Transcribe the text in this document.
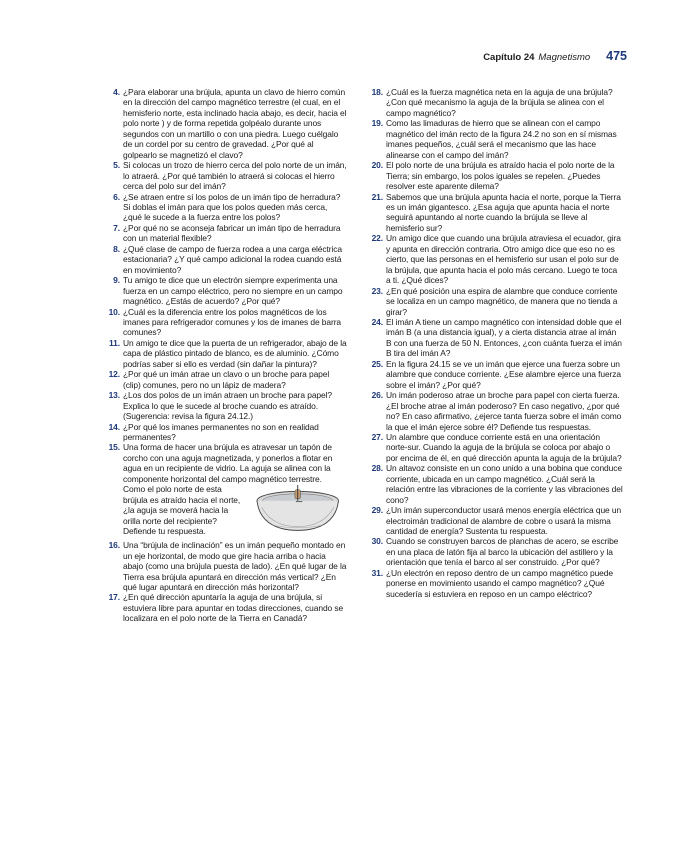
Capítulo 24 Magnetismo 475
4 . ¿Para elaborar una brújula, apunta un clavo de hierro común en la dirección del campo magnético terrestre (el cual, en el hemisferio norte, esta inclinado hacia abajo, es decir, hacia el polo norte ) y de forma repetida golpéalo durante unos segundos con un martillo o con una piedra. Luego cuélgalo de un cordel por su centro de gravedad. ¿Por qué al golpearlo se magnetizó el clavo?
5 . Si colocas un trozo de hierro cerca del polo norte de un imán, lo atraerá. ¿Por qué también lo atraerá si colocas el hierro cerca del polo sur del imán?
6 . ¿Se atraen entre sí los polos de un imán tipo de herradura? Si doblas el imán para que los polos queden más cerca, ¿qué le sucede a la fuerza entre los polos?
7 . ¿Por qué no se aconseja fabricar un imán tipo de herradura con un material flexible?
8 . ¿Qué clase de campo de fuerza rodea a una carga eléctrica estacionaria? ¿Y qué campo adicional la rodea cuando está en movimiento?
9 . Tu amigo te dice que un electrón siempre experimenta una fuerza en un campo eléctrico, pero no siempre en un campo magnético. ¿Estás de acuerdo? ¿Por qué?
10 . ¿Cuál es la diferencia entre los polos magnéticos de los imanes para refrigerador comunes y los de imanes de barra comunes?
11 . Un amigo te dice que la puerta de un refrigerador, abajo de la capa de plástico pintado de blanco, es de aluminio. ¿Cómo podrías saber si ello es verdad (sin dañar la pintura)?
12 . ¿Por qué un imán atrae un clavo o un broche para papel (clip) comunes, pero no un lápiz de madera?
13 . ¿Los dos polos de un imán atraen un broche para papel? Explica lo que le sucede al broche cuando es atraído. (Sugerencia: revisa la figura 24.12.)
14 . ¿Por qué los imanes permanentes no son en realidad permanentes?
15 . Una forma de hacer una brújula es atravesar un tapón de corcho con una aguja magnetizada, y ponerlos a flotar en agua en un recipiente de vidrio. La aguja se alinea con la componente horizontal del campo magnético terrestre.
Como el polo norte de esta brújula es atraído hacia el norte, ¿la aguja se moverá hacia la orilla norte del recipiente? Defiende tu respuesta.
16 . Una “brújula de inclinación” es un imán pequeño montado en un eje horizontal, de modo que gire hacia arriba o hacia abajo (como una brújula puesta de lado). ¿En qué lugar de la Tierra esa brújula apuntará en dirección más vertical? ¿En qué lugar apuntará en dirección más horizontal?
17 . ¿En qué dirección apuntaría la aguja de una brújula, si estuviera libre para apuntar en todas direcciones, cuando se localizara en el polo norte de la Tierra en Canadá?
18 . ¿Cuál es la fuerza magnética neta en la aguja de una brújula? ¿Con qué mecanismo la aguja de la brújula se alinea con el campo magnético?
19 . Como las limaduras de hierro que se alinean con el campo magnético del imán recto de la figura 24.2 no son en sí mismas imanes pequeños, ¿cuál será el mecanismo que las hace alinearse con el campo del imán?
20 . El polo norte de una brújula es atraído hacia el polo norte de la Tierra; sin embargo, los polos iguales se repelen. ¿Puedes resolver este aparente dilema?
21 . Sabemos que una brújula apunta hacia el norte, porque la Tierra es un imán gigantesco. ¿Esa aguja que apunta hacia el norte seguirá apuntando al norte cuando la brújula se lleve al hemisferio sur?
22 . Un amigo dice que cuando una brújula atraviesa el ecuador, gira y apunta en dirección contraria. Otro amigo dice que eso no es cierto, que las personas en el hemisferio sur usan el polo sur de la brújula, que apunta hacia el polo más cercano. Luego te toca a ti. ¿Qué dices?
23 . ¿En qué posición una espira de alambre que conduce corriente se localiza en un campo magnético, de manera que no tienda a girar?
24 . El imán A tiene un campo magnético con intensidad doble que el imán B (a una distancia igual), y a cierta distancia atrae al imán B con una fuerza de 50 N. Entonces, ¿con cuánta fuerza el imán B tira del imán A?
25 . En la figura 24.15 se ve un imán que ejerce una fuerza sobre un alambre que conduce corriente. ¿Ese alambre ejerce una fuerza sobre el imán? ¿Por qué?
26 . Un imán poderoso atrae un broche para papel con cierta fuerza. ¿El broche atrae al imán poderoso? En caso negativo, ¿por qué no? En caso afirmativo, ¿ejerce tanta fuerza sobre el imán como la que el imán ejerce sobre él? Defiende tus respuestas.
27 . Un alambre que conduce corriente está en una orientación norte-sur. Cuando la aguja de la brújula se coloca por abajo o por encima de él, en qué dirección apunta la aguja de la brújula?
28 . Un altavoz consiste en un cono unido a una bobina que conduce corriente, ubicada en un campo magnético. ¿Cuál será la relación entre las vibraciones de la corriente y las vibraciones del cono?
29 . ¿Un imán superconductor usará menos energía eléctrica que un electroimán tradicional de alambre de cobre o usará la misma cantidad de energía? Sustenta tu respuesta.
30 . Cuando se construyen barcos de planchas de acero, se escribe en una placa de latón fija al barco la ubicación del astillero y la orientación que tenía el barco al ser construido. ¿Por qué?
31 . ¿Un electrón en reposo dentro de un campo magnético puede ponerse en movimiento usando el campo magnético? ¿Qué sucedería si estuviera en reposo en un campo eléctrico?
